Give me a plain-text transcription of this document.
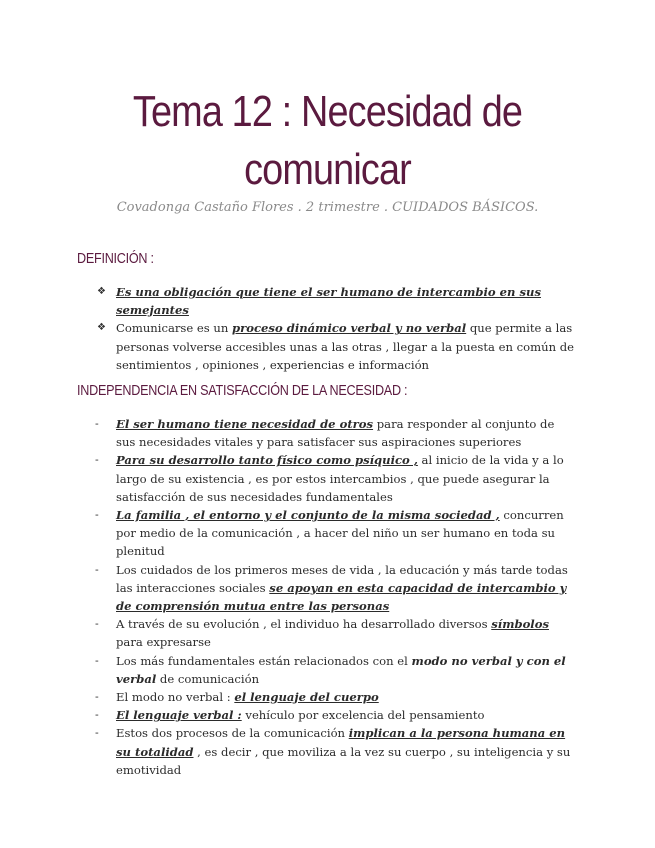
Tema 12 : Necesidad de
comunicar
Covadonga Castaño Flores . 2 trimestre . CUIDADOS BÁSICOS.
DEFINICIÓN :
❖ Es una obligación que tiene el ser humano de intercambio en sus semejantes
❖ Comunicarse es un proceso dinámico verbal y no verbal que permite a las personas volverse accesibles unas a las otras , llegar a la puesta en común de sentimientos , opiniones , experiencias e información
INDEPENDENCIA EN SATISFACCIÓN DE LA NECESIDAD :
- El ser humano tiene necesidad de otros para responder al conjunto de sus necesidades vitales y para satisfacer sus aspiraciones superiores
- Para su desarrollo tanto físico como psíquico , al inicio de la vida y a lo largo de su existencia , es por estos intercambios , que puede asegurar la satisfacción de sus necesidades fundamentales
- La familia , el entorno y el conjunto de la misma sociedad , concurren por medio de la comunicación , a hacer del niño un ser humano en toda su plenitud
- Los cuidados de los primeros meses de vida , la educación y más tarde todas las interacciones sociales se apoyan en esta capacidad de intercambio y de comprensión mutua entre las personas
- A través de su evolución , el individuo ha desarrollado diversos símbolos para expresarse
- Los más fundamentales están relacionados con el modo no verbal y con el verbal de comunicación
- El modo no verbal : el lenguaje del cuerpo
- El lenguaje verbal : vehículo por excelencia del pensamiento
- Estos dos procesos de la comunicación implican a la persona humana en su totalidad , es decir , que moviliza a la vez su cuerpo , su inteligencia y su emotividad
